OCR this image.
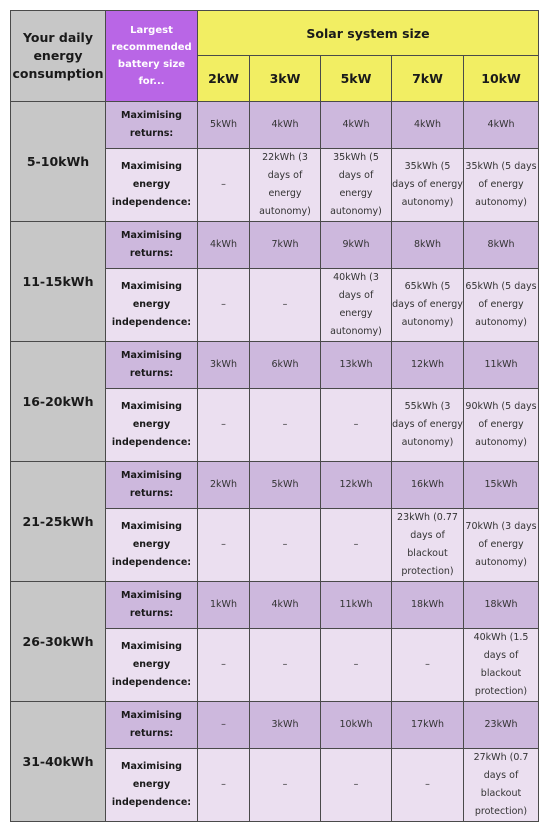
Your daily energy consumption	Largest recommended battery size for...	Solar system size				
		2kW	3kW	5kW	7kW	10kW
5-10kWh	Maximising returns:	5kWh	4kWh	4kWh	4kWh	4kWh
	Maximising energy independence:	–	22kWh (3 days of energy autonomy)	35kWh (5 days of energy autonomy)	35kWh (5 days of energy autonomy)	35kWh (5 days of energy autonomy)
11-15kWh	Maximising returns:	4kWh	7kWh	9kWh	8kWh	8kWh
	Maximising energy independence:	–	–	40kWh (3 days of energy autonomy)	65kWh (5 days of energy autonomy)	65kWh (5 days of energy autonomy)
16-20kWh	Maximising returns:	3kWh	6kWh	13kWh	12kWh	11kWh
	Maximising energy independence:	–	–	–	55kWh (3 days of energy autonomy)	90kWh (5 days of energy autonomy)
21-25kWh	Maximising returns:	2kWh	5kWh	12kWh	16kWh	15kWh
	Maximising energy independence:	–	–	–	23kWh (0.77 days of blackout protection)	70kWh (3 days of energy autonomy)
26-30kWh	Maximising returns:	1kWh	4kWh	11kWh	18kWh	18kWh
	Maximising energy independence:	–	–	–	–	40kWh (1.5 days of blackout protection)
31-40kWh	Maximising returns:	–	3kWh	10kWh	17kWh	23kWh
	Maximising energy independence:	–	–	–	–	27kWh (0.7 days of blackout protection)
